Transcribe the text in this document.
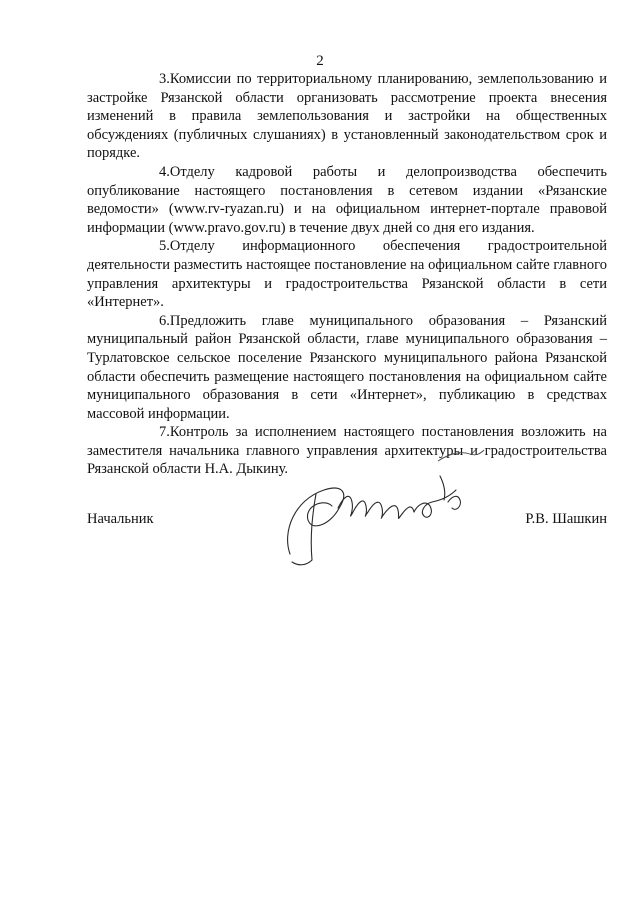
2

3.Комиссии по территориальному планированию, землепользованию и застройке Рязанской области организовать рассмотрение проекта внесения изменений в правила землепользования и застройки на общественных обсуждениях (публичных слушаниях) в установленный законодательством срок и порядке.

4.Отделу кадровой работы и делопроизводства обеспечить опубликование настоящего постановления в сетевом издании «Рязанские ведомости» (www.rv-ryazan.ru) и на официальном интернет-портале правовой информации (www.pravo.gov.ru) в течение двух дней со дня его издания.

5.Отделу информационного обеспечения градостроительной деятельности разместить настоящее постановление на официальном сайте главного управления архитектуры и градостроительства Рязанской области в сети «Интернет».

6.Предложить главе муниципального образования – Рязанский муниципальный район Рязанской области, главе муниципального образования – Турлатовское сельское поселение Рязанского муниципального района Рязанской области обеспечить размещение настоящего постановления на официальном сайте муниципального образования в сети «Интернет», публикацию в средствах массовой информации.

7.Контроль за исполнением настоящего постановления возложить на заместителя начальника главного управления архитектуры и градостроительства Рязанской области Н.А. Дыкину.

Начальник	Р.В. Шашкин
